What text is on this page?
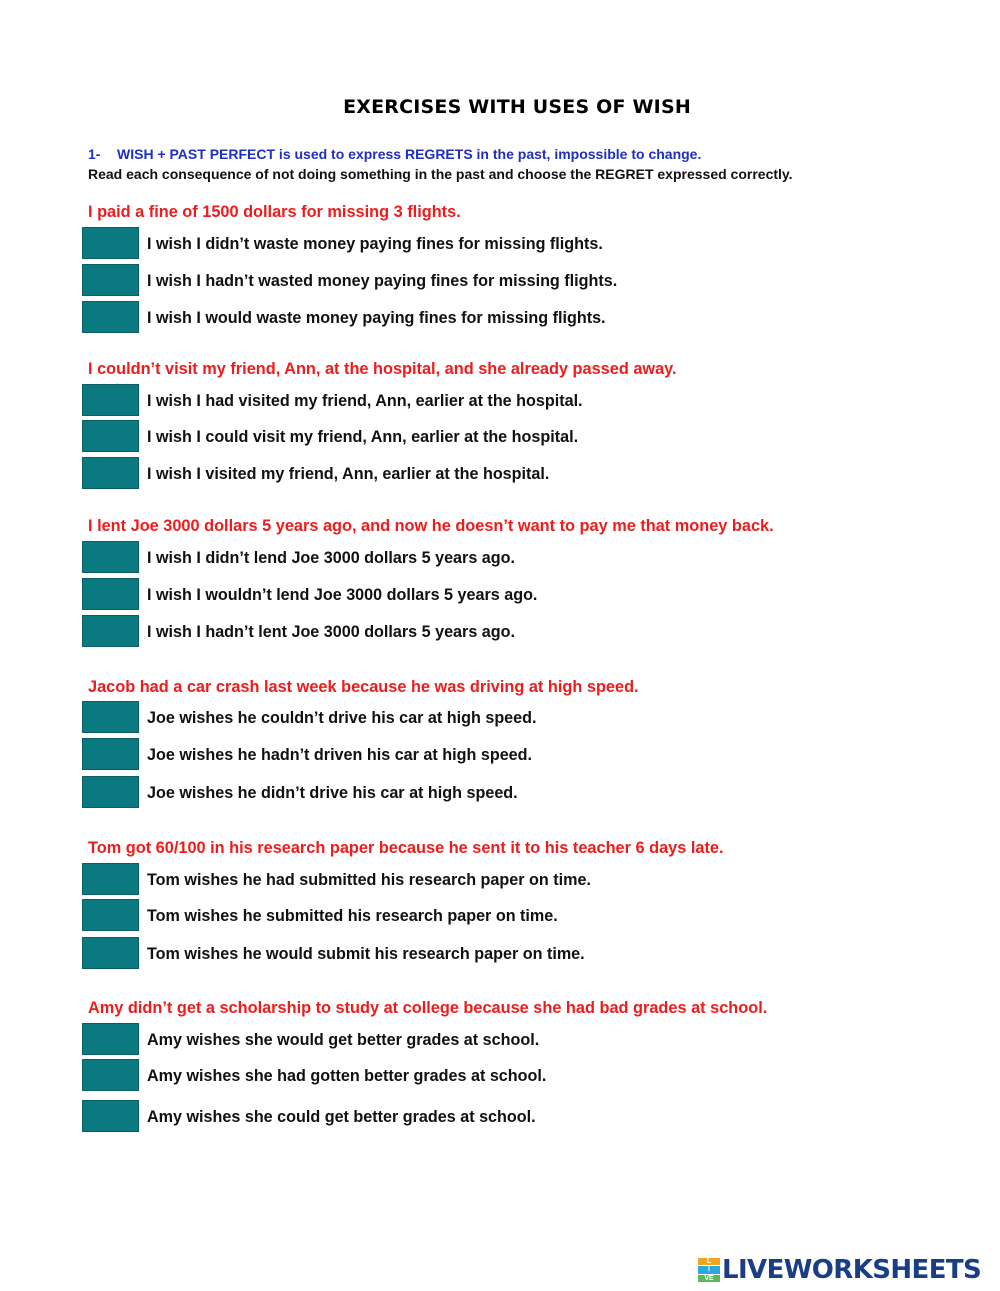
EXERCISES WITH USES OF WISH
1- WISH + PAST PERFECT is used to express REGRETS in the past, impossible to change.
Read each consequence of not doing something in the past and choose the REGRET expressed correctly.
I paid a fine of 1500 dollars for missing 3 flights.
I wish I didn’t waste money paying fines for missing flights.
I wish I hadn’t wasted money paying fines for missing flights.
I wish I would waste money paying fines for missing flights.
I couldn’t visit my friend, Ann, at the hospital, and she already passed away.
I wish I had visited my friend, Ann, earlier at the hospital.
I wish I could visit my friend, Ann, earlier at the hospital.
I wish I visited my friend, Ann, earlier at the hospital.
I lent Joe 3000 dollars 5 years ago, and now he doesn’t want to pay me that money back.
I wish I didn’t lend Joe 3000 dollars 5 years ago.
I wish I wouldn’t lend Joe 3000 dollars 5 years ago.
I wish I hadn’t lent Joe 3000 dollars 5 years ago.
Jacob had a car crash last week because he was driving at high speed.
Joe wishes he couldn’t drive his car at high speed.
Joe wishes he hadn’t driven his car at high speed.
Joe wishes he didn’t drive his car at high speed.
Tom got 60/100 in his research paper because he sent it to his teacher 6 days late.
Tom wishes he had submitted his research paper on time.
Tom wishes he submitted his research paper on time.
Tom wishes he would submit his research paper on time.
Amy didn’t get a scholarship to study at college because she had bad grades at school.
Amy wishes she would get better grades at school.
Amy wishes she had gotten better grades at school.
Amy wishes she could get better grades at school.
L
I
VE LIVEWORKSHEETS
